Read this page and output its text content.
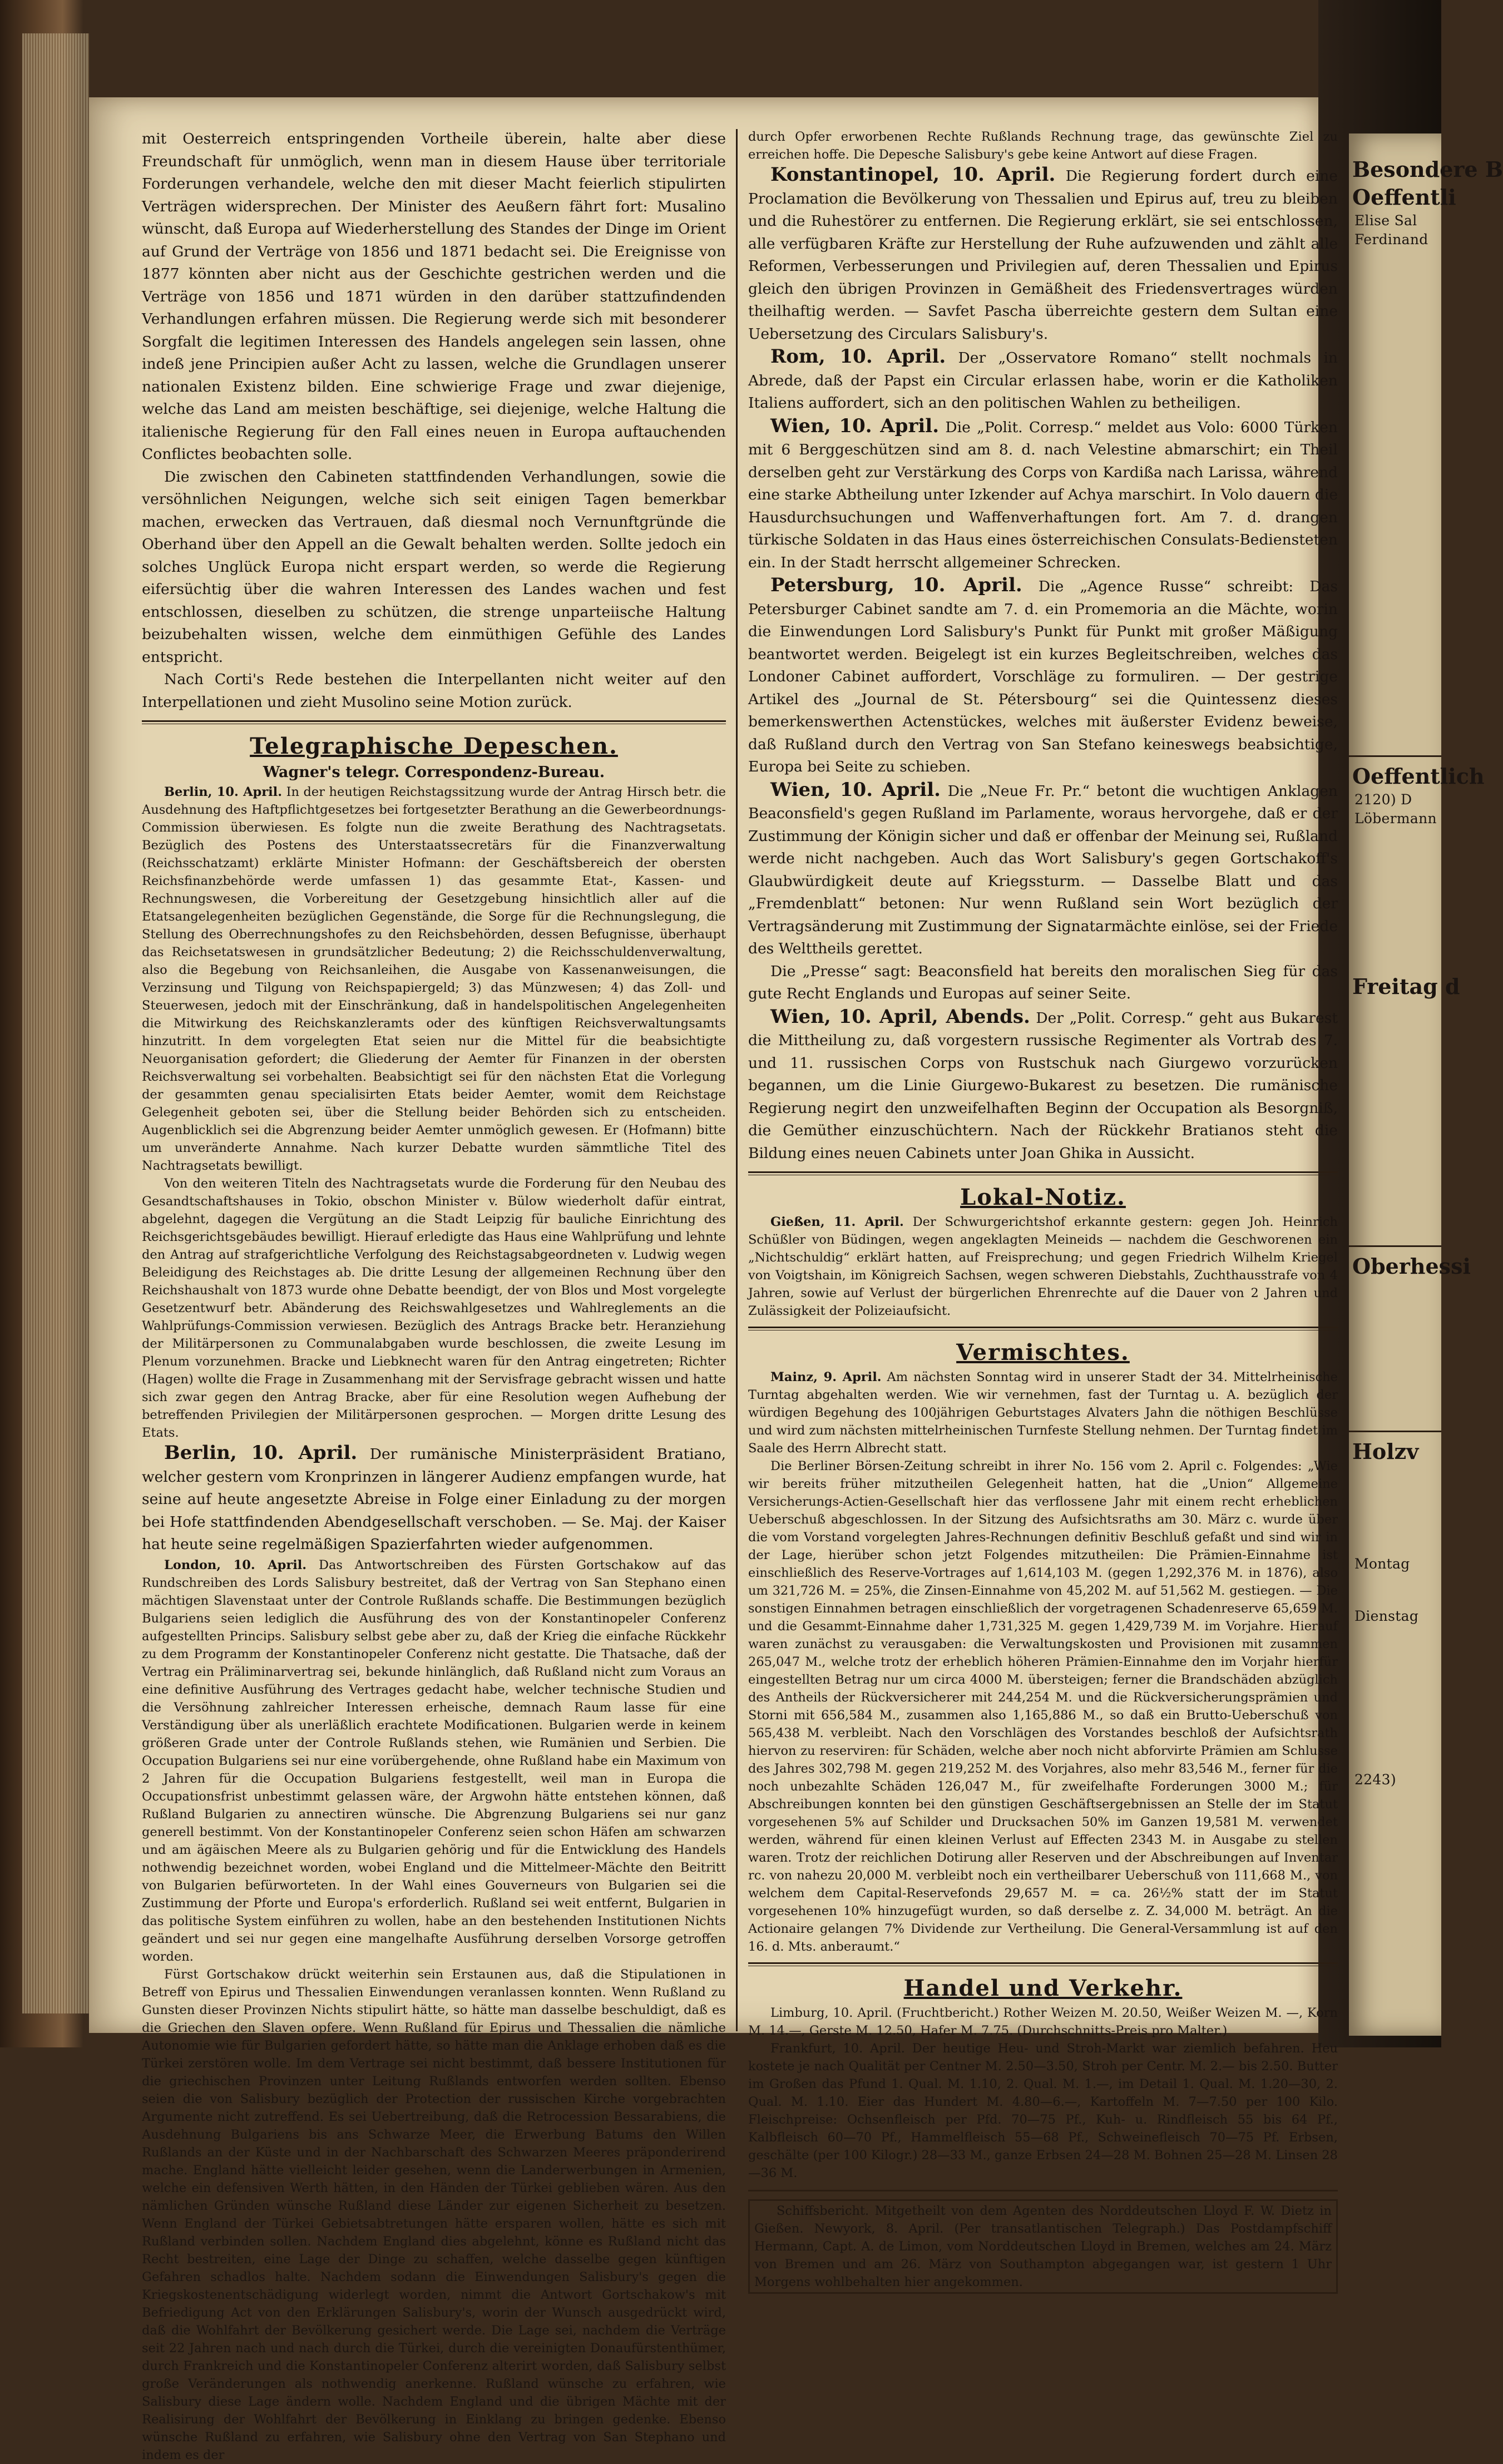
Besondere B
Oeffentli
Elise Sal
Ferdinand
Oeffentlich
2120) D
Löbermann
Freitag d
Oberhessi
Holzv
Montag
Dienstag
2243)

mit Oesterreich entspringenden Vortheile überein, halte aber diese Freundschaft für unmöglich, wenn man in diesem Hause über territoriale Forderungen verhandele, welche den mit dieser Macht feierlich stipulirten Verträgen widersprechen. Der Minister des Aeußern fährt fort: Musalino wünscht, daß Europa auf Wiederherstellung des Standes der Dinge im Orient auf Grund der Verträge von 1856 und 1871 bedacht sei. Die Ereignisse von 1877 könnten aber nicht aus der Geschichte gestrichen werden und die Verträge von 1856 und 1871 würden in den darüber stattzufindenden Verhandlungen erfahren müssen. Die Regierung werde sich mit besonderer Sorgfalt die legitimen Interessen des Handels angelegen sein lassen, ohne indeß jene Principien außer Acht zu lassen, welche die Grundlagen unserer nationalen Existenz bilden. Eine schwierige Frage und zwar diejenige, welche das Land am meisten beschäftige, sei diejenige, welche Haltung die italienische Regierung für den Fall eines neuen in Europa auftauchenden Conflictes beobachten solle.

Die zwischen den Cabineten stattfindenden Verhandlungen, sowie die versöhnlichen Neigungen, welche sich seit einigen Tagen bemerkbar machen, erwecken das Vertrauen, daß diesmal noch Vernunftgründe die Oberhand über den Appell an die Gewalt behalten werden. Sollte jedoch ein solches Unglück Europa nicht erspart werden, so werde die Regierung eifersüchtig über die wahren Interessen des Landes wachen und fest entschlossen, dieselben zu schützen, die strenge unparteiische Haltung beizubehalten wissen, welche dem einmüthigen Gefühle des Landes entspricht.

Nach Corti's Rede bestehen die Interpellanten nicht weiter auf den Interpellationen und zieht Musolino seine Motion zurück.

Telegraphische Depeschen.
Wagner's telegr. Correspondenz-Bureau.

Berlin, 10. April. In der heutigen Reichstagssitzung wurde der Antrag Hirsch betr. die Ausdehnung des Haftpflichtgesetzes bei fortgesetzter Berathung an die Gewerbeordnungs-Commission überwiesen. Es folgte nun die zweite Berathung des Nachtragsetats. Bezüglich des Postens des Unterstaatssecretärs für die Finanzverwaltung (Reichsschatzamt) erklärte Minister Hofmann: der Geschäftsbereich der obersten Reichsfinanzbehörde werde umfassen 1) das gesammte Etat-, Kassen- und Rechnungswesen, die Vorbereitung der Gesetzgebung hinsichtlich aller auf die Etatsangelegenheiten bezüglichen Gegenstände, die Sorge für die Rechnungslegung, die Stellung des Oberrechnungshofes zu den Reichsbehörden, dessen Befugnisse, überhaupt das Reichsetatswesen in grundsätzlicher Bedeutung; 2) die Reichsschuldenverwaltung, also die Begebung von Reichsanleihen, die Ausgabe von Kassenanweisungen, die Verzinsung und Tilgung von Reichspapiergeld; 3) das Münzwesen; 4) das Zoll- und Steuerwesen, jedoch mit der Einschränkung, daß in handelspolitischen Angelegenheiten die Mitwirkung des Reichskanzleramts oder des künftigen Reichsverwaltungsamts hinzutritt. In dem vorgelegten Etat seien nur die Mittel für die beabsichtigte Neuorganisation gefordert; die Gliederung der Aemter für Finanzen in der obersten Reichsverwaltung sei vorbehalten. Beabsichtigt sei für den nächsten Etat die Vorlegung der gesammten genau specialisirten Etats beider Aemter, womit dem Reichstage Gelegenheit geboten sei, über die Stellung beider Behörden sich zu entscheiden. Augenblicklich sei die Abgrenzung beider Aemter unmöglich gewesen. Er (Hofmann) bitte um unveränderte Annahme. Nach kurzer Debatte wurden sämmtliche Titel des Nachtragsetats bewilligt.

Von den weiteren Titeln des Nachtragsetats wurde die Forderung für den Neubau des Gesandtschaftshauses in Tokio, obschon Minister v. Bülow wiederholt dafür eintrat, abgelehnt, dagegen die Vergütung an die Stadt Leipzig für bauliche Einrichtung des Reichsgerichtsgebäudes bewilligt. Hierauf erledigte das Haus eine Wahlprüfung und lehnte den Antrag auf strafgerichtliche Verfolgung des Reichstagsabgeordneten v. Ludwig wegen Beleidigung des Reichstages ab. Die dritte Lesung der allgemeinen Rechnung über den Reichshaushalt von 1873 wurde ohne Debatte beendigt, der von Blos und Most vorgelegte Gesetzentwurf betr. Abänderung des Reichswahlgesetzes und Wahlreglements an die Wahlprüfungs-Commission verwiesen. Bezüglich des Antrags Bracke betr. Heranziehung der Militärpersonen zu Communalabgaben wurde beschlossen, die zweite Lesung im Plenum vorzunehmen. Bracke und Liebknecht waren für den Antrag eingetreten; Richter (Hagen) wollte die Frage in Zusammenhang mit der Servisfrage gebracht wissen und hatte sich zwar gegen den Antrag Bracke, aber für eine Resolution wegen Aufhebung der betreffenden Privilegien der Militärpersonen gesprochen. — Morgen dritte Lesung des Etats.

Berlin, 10. April. Der rumänische Ministerpräsident Bratiano, welcher gestern vom Kronprinzen in längerer Audienz empfangen wurde, hat seine auf heute angesetzte Abreise in Folge einer Einladung zu der morgen bei Hofe stattfindenden Abendgesellschaft verschoben. — Se. Maj. der Kaiser hat heute seine regelmäßigen Spazierfahrten wieder aufgenommen.

London, 10. April. Das Antwortschreiben des Fürsten Gortschakow auf das Rundschreiben des Lords Salisbury bestreitet, daß der Vertrag von San Stephano einen mächtigen Slavenstaat unter der Controle Rußlands schaffe. Die Bestimmungen bezüglich Bulgariens seien lediglich die Ausführung des von der Konstantinopeler Conferenz aufgestellten Princips. Salisbury selbst gebe aber zu, daß der Krieg die einfache Rückkehr zu dem Programm der Konstantinopeler Conferenz nicht gestatte. Die Thatsache, daß der Vertrag ein Präliminarvertrag sei, bekunde hinlänglich, daß Rußland nicht zum Voraus an eine definitive Ausführung des Vertrages gedacht habe, welcher technische Studien und die Versöhnung zahlreicher Interessen erheische, demnach Raum lasse für eine Verständigung über als unerläßlich erachtete Modificationen. Bulgarien werde in keinem größeren Grade unter der Controle Rußlands stehen, wie Rumänien und Serbien. Die Occupation Bulgariens sei nur eine vorübergehende, ohne Rußland habe ein Maximum von 2 Jahren für die Occupation Bulgariens festgestellt, weil man in Europa die Occupationsfrist unbestimmt gelassen wäre, der Argwohn hätte entstehen können, daß Rußland Bulgarien zu annectiren wünsche. Die Abgrenzung Bulgariens sei nur ganz generell bestimmt. Von der Konstantinopeler Conferenz seien schon Häfen am schwarzen und am ägäischen Meere als zu Bulgarien gehörig und für die Entwicklung des Handels nothwendig bezeichnet worden, wobei England und die Mittelmeer-Mächte den Beitritt von Bulgarien befürworteten. In der Wahl eines Gouverneurs von Bulgarien sei die Zustimmung der Pforte und Europa's erforderlich. Rußland sei weit entfernt, Bulgarien in das politische System einführen zu wollen, habe an den bestehenden Institutionen Nichts geändert und sei nur gegen eine mangelhafte Ausführung derselben Vorsorge getroffen worden.

Fürst Gortschakow drückt weiterhin sein Erstaunen aus, daß die Stipulationen in Betreff von Epirus und Thessalien Einwendungen veranlassen konnten. Wenn Rußland zu Gunsten dieser Provinzen Nichts stipulirt hätte, so hätte man dasselbe beschuldigt, daß es die Griechen den Slaven opfere. Wenn Rußland für Epirus und Thessalien die nämliche Autonomie wie für Bulgarien gefordert hätte, so hätte man die Anklage erhoben daß es die Türkei zerstören wolle. Im dem Vertrage sei nicht bestimmt, daß bessere Institutionen für die griechischen Provinzen unter Leitung Rußlands entworfen werden sollten. Ebenso seien die von Salisbury bezüglich der Protection der russischen Kirche vorgebrachten Argumente nicht zutreffend. Es sei Uebertreibung, daß die Retrocession Bessarabiens, die Ausdehnung Bulgariens bis ans Schwarze Meer, die Erwerbung Batums den Willen Rußlands an der Küste und in der Nachbarschaft des Schwarzen Meeres präponderirend mache. England hätte vielleicht leider gesehen, wenn die Landerwerbungen in Armenien, welche ein defensiven Werth hätten, in den Händen der Türkei geblieben wären. Aus den nämlichen Gründen wünsche Rußland diese Länder zur eigenen Sicherheit zu besetzen. Wenn England der Türkei Gebietsabtretungen hätte ersparen wollen, hätte es sich mit Rußland verbinden sollen. Nachdem England dies abgelehnt, könne es Rußland nicht das Recht bestreiten, eine Lage der Dinge zu schaffen, welche dasselbe gegen künftigen Gefahren schadlos halte. Nachdem sodann die Einwendungen Salisbury's gegen die Kriegskostenentschädigung widerlegt worden, nimmt die Antwort Gortschakow's mit Befriedigung Act von den Erklärungen Salisbury's, worin der Wunsch ausgedrückt wird, daß die Wohlfahrt der Bevölkerung gesichert werde. Die Lage sei, nachdem die Verträge seit 22 Jahren nach und nach durch die Türkei, durch die vereinigten Donaufürstenthümer, durch Frankreich und die Konstantinopeler Conferenz alterirt worden, daß Salisbury selbst große Veränderungen als nothwendig anerkenne. Rußland wünsche zu erfahren, wie Salisbury diese Lage ändern wolle. Nachdem England und die übrigen Mächte mit der Realisirung der Wohlfahrt der Bevölkerung in Einklang zu bringen gedenke. Ebenso wünsche Rußland zu erfahren, wie Salisbury ohne den Vertrag von San Stephano und indem es der

durch Opfer erworbenen Rechte Rußlands Rechnung trage, das gewünschte Ziel zu erreichen hoffe. Die Depesche Salisbury's gebe keine Antwort auf diese Fragen.

Konstantinopel, 10. April. Die Regierung fordert durch eine Proclamation die Bevölkerung von Thessalien und Epirus auf, treu zu bleiben und die Ruhestörer zu entfernen. Die Regierung erklärt, sie sei entschlossen, alle verfügbaren Kräfte zur Herstellung der Ruhe aufzuwenden und zählt alle Reformen, Verbesserungen und Privilegien auf, deren Thessalien und Epirus gleich den übrigen Provinzen in Gemäßheit des Friedensvertrages würden theilhaftig werden. — Savfet Pascha überreichte gestern dem Sultan eine Uebersetzung des Circulars Salisbury's.

Rom, 10. April. Der „Osservatore Romano“ stellt nochmals in Abrede, daß der Papst ein Circular erlassen habe, worin er die Katholiken Italiens auffordert, sich an den politischen Wahlen zu betheiligen.

Wien, 10. April. Die „Polit. Corresp.“ meldet aus Volo: 6000 Türken mit 6 Berggeschützen sind am 8. d. nach Velestine abmarschirt; ein Theil derselben geht zur Verstärkung des Corps von Kardißa nach Larissa, während eine starke Abtheilung unter Izkender auf Achya marschirt. In Volo dauern die Hausdurchsuchungen und Waffenverhaftungen fort. Am 7. d. drangen türkische Soldaten in das Haus eines österreichischen Consulats-Bediensteten ein. In der Stadt herrscht allgemeiner Schrecken.

Petersburg, 10. April. Die „Agence Russe“ schreibt: Das Petersburger Cabinet sandte am 7. d. ein Promemoria an die Mächte, worin die Einwendungen Lord Salisbury's Punkt für Punkt mit großer Mäßigung beantwortet werden. Beigelegt ist ein kurzes Begleitschreiben, welches das Londoner Cabinet auffordert, Vorschläge zu formuliren. — Der gestrige Artikel des „Journal de St. Pétersbourg“ sei die Quintessenz dieses bemerkenswerthen Actenstückes, welches mit äußerster Evidenz beweise, daß Rußland durch den Vertrag von San Stefano keineswegs beabsichtige, Europa bei Seite zu schieben.

Wien, 10. April. Die „Neue Fr. Pr.“ betont die wuchtigen Anklagen Beaconsfield's gegen Rußland im Parlamente, woraus hervorgehe, daß er der Zustimmung der Königin sicher und daß er offenbar der Meinung sei, Rußland werde nicht nachgeben. Auch das Wort Salisbury's gegen Gortschakoff's Glaubwürdigkeit deute auf Kriegssturm. — Dasselbe Blatt und das „Fremdenblatt“ betonen: Nur wenn Rußland sein Wort bezüglich der Vertragsänderung mit Zustimmung der Signatarmächte einlöse, sei der Friede des Welttheils gerettet.

Die „Presse“ sagt: Beaconsfield hat bereits den moralischen Sieg für das gute Recht Englands und Europas auf seiner Seite.

Wien, 10. April, Abends. Der „Polit. Corresp.“ geht aus Bukarest die Mittheilung zu, daß vorgestern russische Regimenter als Vortrab des 7. und 11. russischen Corps von Rustschuk nach Giurgewo vorzurücken begannen, um die Linie Giurgewo-Bukarest zu besetzen. Die rumänische Regierung negirt den unzweifelhaften Beginn der Occupation als Besorgniß, die Gemüther einzuschüchtern. Nach der Rückkehr Bratianos steht die Bildung eines neuen Cabinets unter Joan Ghika in Aussicht.

Lokal-Notiz.

Gießen, 11. April. Der Schwurgerichtshof erkannte gestern: gegen Joh. Heinrich Schüßler von Büdingen, wegen angeklagten Meineids — nachdem die Geschworenen ein „Nichtschuldig“ erklärt hatten, auf Freisprechung; und gegen Friedrich Wilhelm Kriegel von Voigtshain, im Königreich Sachsen, wegen schweren Diebstahls, Zuchthausstrafe von 4 Jahren, sowie auf Verlust der bürgerlichen Ehrenrechte auf die Dauer von 2 Jahren und Zulässigkeit der Polizeiaufsicht.

Vermischtes.

Mainz, 9. April. Am nächsten Sonntag wird in unserer Stadt der 34. Mittelrheinische Turntag abgehalten werden. Wie wir vernehmen, fast der Turntag u. A. bezüglich der würdigen Begehung des 100jährigen Geburtstages Alvaters Jahn die nöthigen Beschlüsse und wird zum nächsten mittelrheinischen Turnfeste Stellung nehmen. Der Turntag findet im Saale des Herrn Albrecht statt.

Die Berliner Börsen-Zeitung schreibt in ihrer No. 156 vom 2. April c. Folgendes: „Wie wir bereits früher mitzutheilen Gelegenheit hatten, hat die „Union“ Allgemeine Versicherungs-Actien-Gesellschaft hier das verflossene Jahr mit einem recht erheblichen Ueberschuß abgeschlossen. In der Sitzung des Aufsichtsraths am 30. März c. wurde über die vom Vorstand vorgelegten Jahres-Rechnungen definitiv Beschluß gefaßt und sind wir in der Lage, hierüber schon jetzt Folgendes mitzutheilen: Die Prämien-Einnahme ist einschließlich des Reserve-Vortrages auf 1,614,103 M. (gegen 1,292,376 M. in 1876), also um 321,726 M. = 25%, die Zinsen-Einnahme von 45,202 M. auf 51,562 M. gestiegen. — Die sonstigen Einnahmen betragen einschließlich der vorgetragenen Schadenreserve 65,659 M. und die Gesammt-Einnahme daher 1,731,325 M. gegen 1,429,739 M. im Vorjahre. Hierauf waren zunächst zu verausgaben: die Verwaltungskosten und Provisionen mit zusammen 265,047 M., welche trotz der erheblich höheren Prämien-Einnahme den im Vorjahr hierfür eingestellten Betrag nur um circa 4000 M. übersteigen; ferner die Brandschäden abzüglich des Antheils der Rückversicherer mit 244,254 M. und die Rückversicherungsprämien und Storni mit 656,584 M., zusammen also 1,165,886 M., so daß ein Brutto-Ueberschuß von 565,438 M. verbleibt. Nach den Vorschlägen des Vorstandes beschloß der Aufsichtsrath hiervon zu reserviren: für Schäden, welche aber noch nicht abforvirte Prämien am Schlusse des Jahres 302,798 M. gegen 219,252 M. des Vorjahres, also mehr 83,546 M., ferner für die noch unbezahlte Schäden 126,047 M., für zweifelhafte Forderungen 3000 M.; für Abschreibungen konnten bei den günstigen Geschäftsergebnissen an Stelle der im Statut vorgesehenen 5% auf Schilder und Drucksachen 50% im Ganzen 19,581 M. verwendet werden, während für einen kleinen Verlust auf Effecten 2343 M. in Ausgabe zu stellen waren. Trotz der reichlichen Dotirung aller Reserven und der Abschreibungen auf Inventar rc. von nahezu 20,000 M. verbleibt noch ein vertheilbarer Ueberschuß von 111,668 M., von welchem dem Capital-Reservefonds 29,657 M. = ca. 26½% statt der im Statut vorgesehenen 10% hinzugefügt wurden, so daß derselbe z. Z. 34,000 M. beträgt. An die Actionaire gelangen 7% Dividende zur Vertheilung. Die General-Versammlung ist auf den 16. d. Mts. anberaumt.“

Handel und Verkehr.

Limburg, 10. April. (Fruchtbericht.) Rother Weizen M. 20.50, Weißer Weizen M. —, Korn M. 14.—, Gerste M. 12.50, Hafer M. 7.75. (Durchschnitts-Preis pro Malter.)

Frankfurt, 10. April. Der heutige Heu- und Stroh-Markt war ziemlich befahren. Heu kostete je nach Qualität per Centner M. 2.50—3.50, Stroh per Centr. M. 2.— bis 2.50. Butter im Großen das Pfund 1. Qual. M. 1.10, 2. Qual. M. 1.—, im Detail 1. Qual. M. 1.20—30, 2. Qual. M. 1.10. Eier das Hundert M. 4.80—6.—, Kartoffeln M. 7—7.50 per 100 Kilo. Fleischpreise: Ochsenfleisch per Pfd. 70—75 Pf., Kuh- u. Rindfleisch 55 bis 64 Pf., Kalbfleisch 60—70 Pf., Hammelfleisch 55—68 Pf., Schweinefleisch 70—75 Pf. Erbsen, geschälte (per 100 Kilogr.) 28—33 M., ganze Erbsen 24—28 M. Bohnen 25—28 M. Linsen 28—36 M.

Schiffsbericht. Mitgetheilt von dem Agenten des Norddeutschen Lloyd F. W. Dietz in Gießen. Newyork, 8. April. (Per transatlantischen Telegraph.) Das Postdampfschiff Hermann, Capt. A. de Limon, vom Norddeutschen Lloyd in Bremen, welches am 24. März von Bremen und am 26. März von Southampton abgegangen war, ist gestern 1 Uhr Morgens wohlbehalten hier angekommen.
